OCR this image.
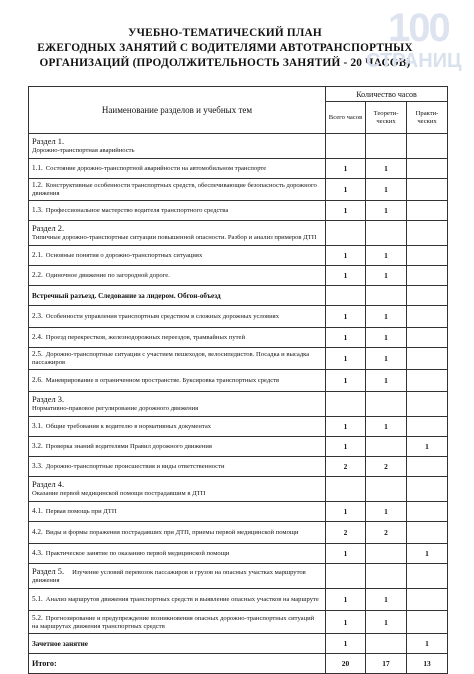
УЧЕБНО-ТЕМАТИЧЕСКИЙ ПЛАН
ЕЖЕГОДНЫХ ЗАНЯТИЙ С ВОДИТЕЛЯМИ АВТОТРАНСПОРТНЫХ
ОРГАНИЗАЦИЙ (ПРОДОЛЖИТЕЛЬНОСТЬ ЗАНЯТИЙ - 20 ЧАСОВ)
100
СТРАНИЦ
Наименование разделов и учебных тем	Количество часов		
	Всего часов	Теорети-ческих	Практи-ческих
Раздел 1.
Дорожно-транспортная аварийность			

1.1. Состояние дорожно-транспортной аварийности на автомобильном транспорте	1	1	
1.2. Конструктивные особенности транспортных средств, обеспечивающие безопасность дорожного движения	1	1	
1.3. Профессиональное мастерство водителя транспортного средства	1	1	
Раздел 2.
Типичные дорожно-транспортные ситуации повышенной опасности. Разбор и анализ примеров ДТП			

2.1. Основные понятия о дорожно-транспортных ситуациях	1	1	
2.2. Одиночное движение по загородной дороге.	1	1	
Встречный разъезд. Следование за лидером. Обгон-объезд			
2.3. Особенности управления транспортным средством в сложных дорожных условиях	1	1	
2.4. Проезд перекрестков, железнодорожных переездов, трамвайных путей	1	1	
2.5. Дорожно-транспортные ситуации с участием пешеходов, велосипедистов. Посадка и высадка пассажиров	1	1	
2.6. Маневрирование в ограниченном пространстве. Буксировка транспортных средств	1	1	
Раздел 3.
Нормативно-правовое регулирование дорожного движения			

3.1. Общие требования к водителю в нормативных документах	1	1	
3.2. Проверка знаний водителями Правил дорожного движения	1		1
3.3. Дорожно-транспортные происшествия и виды ответственности	2	2	
Раздел 4.
Оказание первой медицинской помощи пострадавшим в ДТП			

4.1. Первая помощь при ДТП	1	1	
4.2. Виды и формы поражения пострадавших при ДТП, приемы первой медицинской помощи	2	2	
4.3. Практическое занятие по оказанию первой медицинской помощи	1		1
Раздел 5. Изучение условий перевозок пассажиров и грузов на опасных участках маршрутов движения			
5.1. Анализ маршрутов движения транспортных средств и выявление опасных участков на маршруте	1	1	
5.2. Прогнозирование и предупреждение возникновения опасных дорожно-транспортных ситуаций на маршрутах движения транспортных средств	1	1	
Зачетное занятие	1		1
Итого:	20	17	13
